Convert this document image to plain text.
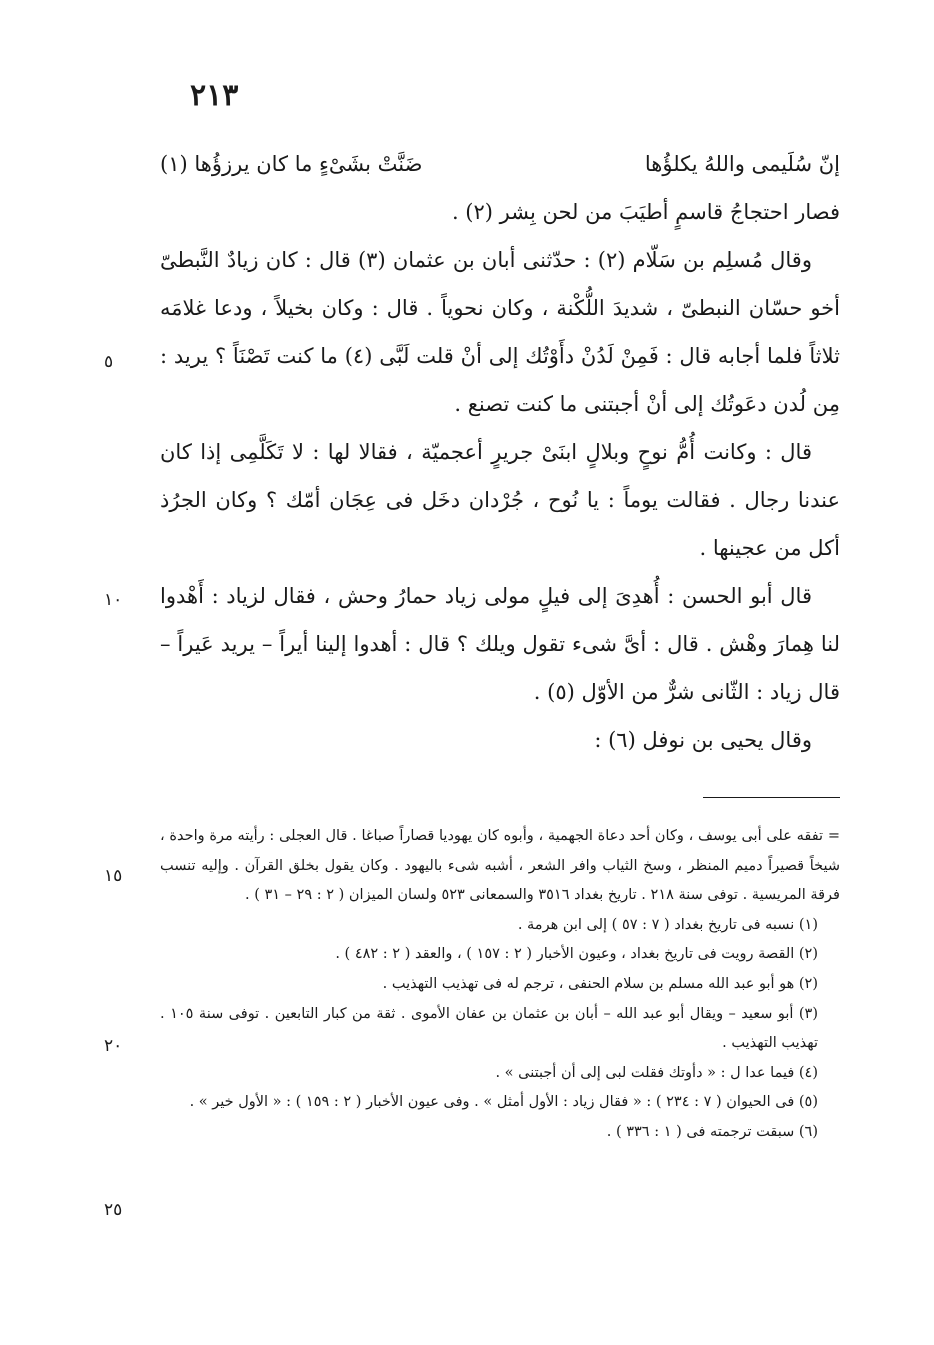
٢١٣
إنّ سُلَيمى واللهُ يكلؤُها
ضَنَّتْ بشَىْءٍ ما كان يرزؤُها (١)

فصار احتجاجُ قاسمٍ أطيَبَ من لحن بِشر (٢) .

وقال مُسلِم بن سَلّام (٢) : حدّثنى أبان بن عثمان (٣) قال : كان زيادٌ النَّبطىّ أخو حسّان النبطىّ ، شديدَ اللُّكْنة ، وكان نحوياً . قال : وكان بخيلاً ، ودعا غلامَه ثلاثاً فلما أجابه قال : فَمِنْ لَدُنْ دأَوْتُك إلى أنْ قلت لَبَّى (٤) ما كنت تَصْنَاً ؟ يريد : مِن لُدن دعَوتُك إلى أنْ أجبتنى ما كنت تصنع .

قال : وكانت أُمُّ نوحٍ وبلالٍ ابنَىْ جريرٍ أعجميّة ، فقالا لها : لا تَكَلَّمِى إذا كان عندنا رجال . فقالت يوماً : يا نُوح ، جُرْدان دخَل فى عِجَان أمّك ؟ وكان الجرُذ أكل من عجينها .

قال أبو الحسن : أُهدِىَ إلى فيلٍ مولى زياد حمارُ وحش ، فقال لزياد : أَهْدوا لنا هِمارَ وهْش . قال : أىَّ شىء تقول ويلك ؟ قال : أهدوا إلينا أيراً – يريد عَيراً – قال زياد : الثّانى شرٌّ من الأوّل (٥) .

وقال يحيى بن نوفل (٦) :

٥
١٠
١٥
٢٠
٢٥

= تفقه على أبى يوسف ، وكان أحد دعاة الجهمية ، وأبوه كان يهوديا قصاراً صباغا . قال العجلى : رأيته مرة واحدة ، شيخاً قصيراً دميم المنظر ، وسخ الثياب وافر الشعر ، أشبه شىء باليهود . وكان يقول بخلق القرآن . وإليه تنسب فرقة المريسية . توفى سنة ٢١٨ . تاريخ بغداد ٣٥١٦ والسمعانى ٥٢٣ ولسان الميزان ( ٢ : ٢٩ – ٣١ ) .

(١) نسبه فى تاريخ بغداد ( ٧ : ٥٧ ) إلى ابن هرمة .

(٢) القصة رويت فى تاريخ بغداد ، وعيون الأخبار ( ٢ : ١٥٧ ) ، والعقد ( ٢ : ٤٨٢ ) .

(٢) هو أبو عبد الله مسلم بن سلام الحنفى ، ترجم له فى تهذيب التهذيب .

(٣) أبو سعيد – ويقال أبو عبد الله – أبان بن عثمان بن عفان الأموى . ثقة من كبار التابعين . توفى سنة ١٠٥ . تهذيب التهذيب .

(٤) فيما عدا ل : « دأوتك فقلت لبى إلى أن أجبتنى » .

(٥) فى الحيوان ( ٧ : ٢٣٤ ) : « فقال زياد : الأول أمثل » . وفى عيون الأخبار ( ٢ : ١٥٩ ) : « الأول خير » .

(٦) سبقت ترجمته فى ( ١ : ٣٣٦ ) .
